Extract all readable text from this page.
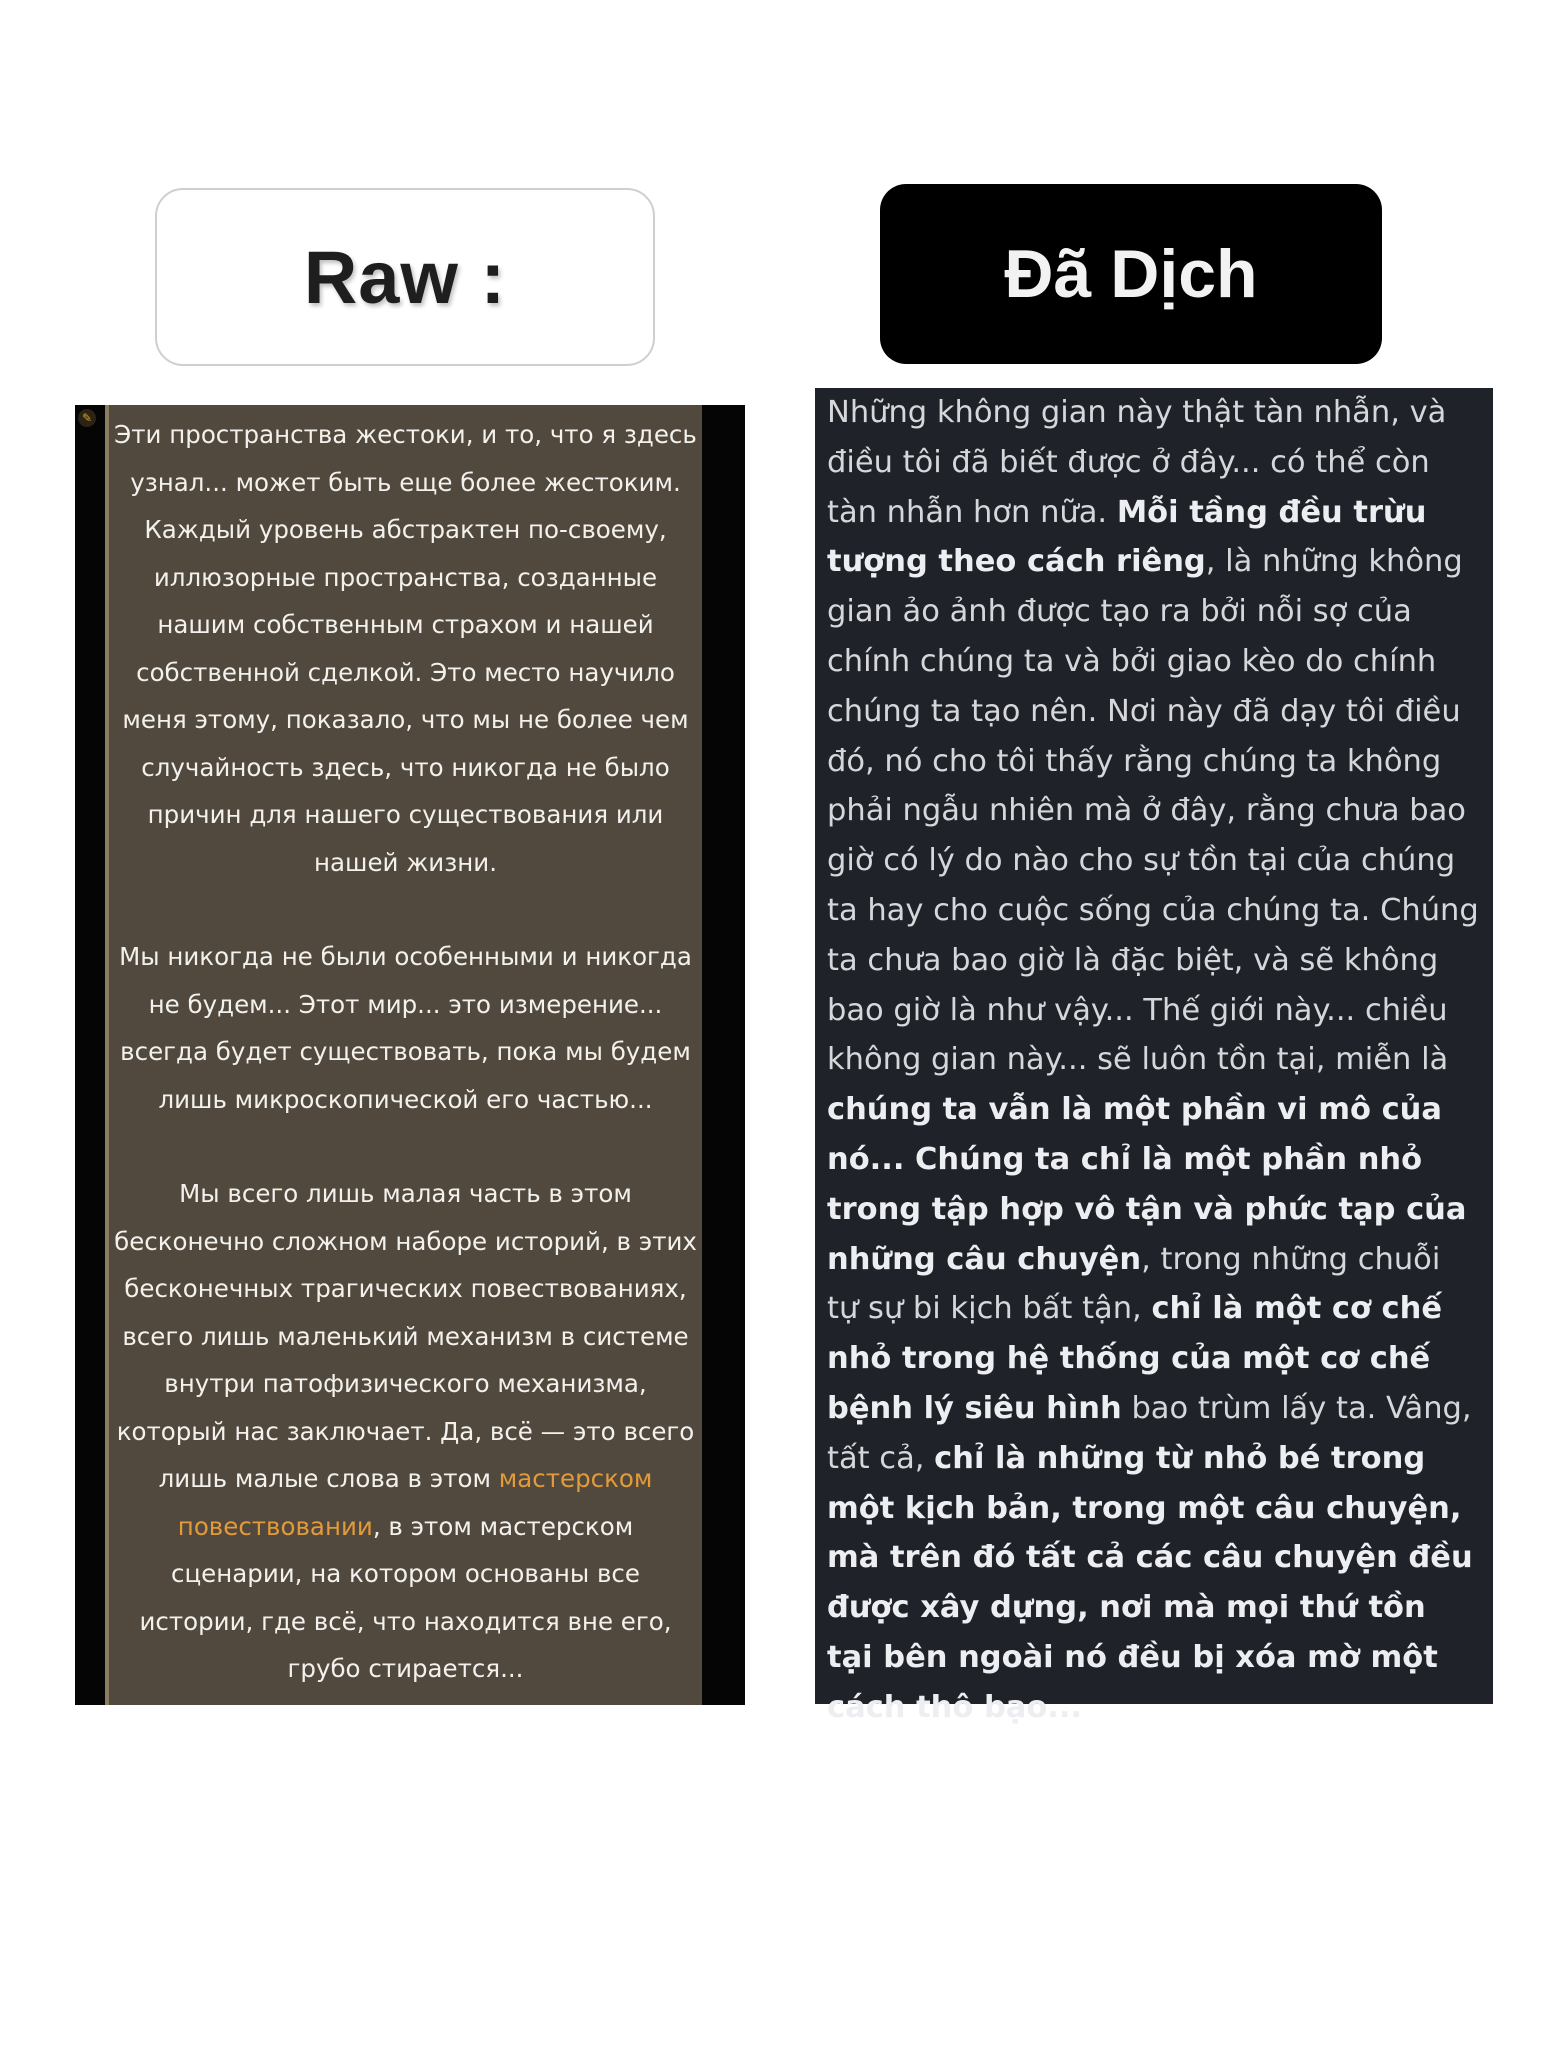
Raw :	Đã Dịch
✎

Эти пространства жестоки, и то, что я здесь узнал... может быть еще более жестоким. Каждый уровень абстрактен по-своему, иллюзорные пространства, созданные нашим собственным страхом и нашей собственной сделкой. Это место научило меня этому, показало, что мы не более чем случайность здесь, что никогда не было причин для нашего существования или нашей жизни.

Мы никогда не были особенными и никогда не будем... Этот мир... это измерение... всегда будет существовать, пока мы будем лишь микроскопической его частью...

Мы всего лишь малая часть в этом бесконечно сложном наборе историй, в этих бесконечных трагических повествованиях, всего лишь маленький механизм в системе внутри патофизического механизма, который нас заключает. Да, всё — это всего лишь малые слова в этом мастерском повествовании, в этом мастерском сценарии, на котором основаны все истории, где всё, что находится вне его, грубо стирается...

Những không gian này thật tàn nhẫn, và điều tôi đã biết được ở đây... có thể còn tàn nhẫn hơn nữa. Mỗi tầng đều trừu tượng theo cách riêng, là những không gian ảo ảnh được tạo ra bởi nỗi sợ của chính chúng ta và bởi giao kèo do chính chúng ta tạo nên. Nơi này đã dạy tôi điều đó, nó cho tôi thấy rằng chúng ta không phải ngẫu nhiên mà ở đây, rằng chưa bao giờ có lý do nào cho sự tồn tại của chúng ta hay cho cuộc sống của chúng ta. Chúng ta chưa bao giờ là đặc biệt, và sẽ không bao giờ là như vậy... Thế giới này... chiều không gian này... sẽ luôn tồn tại, miễn là chúng ta vẫn là một phần vi mô của nó... Chúng ta chỉ là một phần nhỏ trong tập hợp vô tận và phức tạp của những câu chuyện, trong những chuỗi tự sự bi kịch bất tận, chỉ là một cơ chế nhỏ trong hệ thống của một cơ chế bệnh lý siêu hình bao trùm lấy ta. Vâng, tất cả, chỉ là những từ nhỏ bé trong một kịch bản, trong một câu chuyện, mà trên đó tất cả các câu chuyện đều được xây dựng, nơi mà mọi thứ tồn tại bên ngoài nó đều bị xóa mờ một cách thô bạo...
